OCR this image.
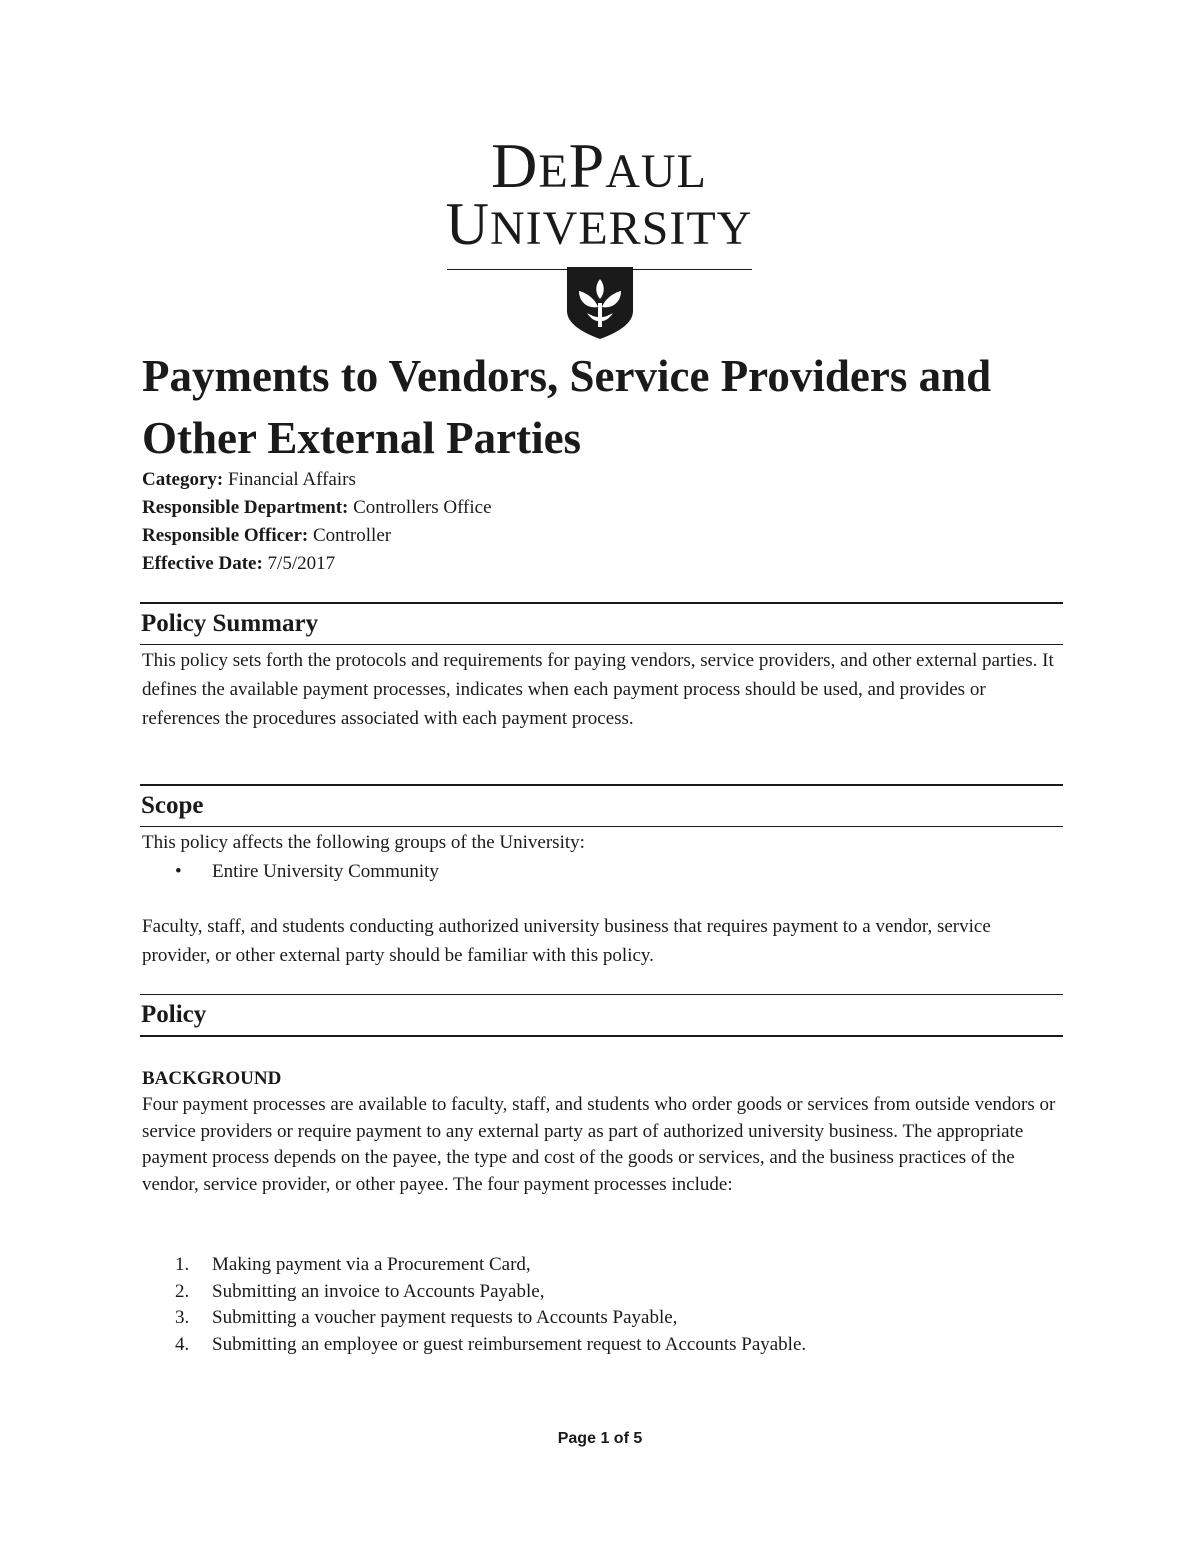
DEPAUL
UNIVERSITY
Payments to Vendors, Service Providers and Other External Parties
Category: Financial Affairs
Responsible Department: Controllers Office
Responsible Officer: Controller
Effective Date: 7/5/2017
Policy Summary

This policy sets forth the protocols and requirements for paying vendors, service providers, and other external parties. It defines the available payment processes, indicates when each payment process should be used, and provides or references the procedures associated with each payment process.

Scope

This policy affects the following groups of the University:

• Entire University Community

Faculty, staff, and students conducting authorized university business that requires payment to a vendor, service provider, or other external party should be familiar with this policy.

Policy
BACKGROUND

Four payment processes are available to faculty, staff, and students who order goods or services from outside vendors or service providers or require payment to any external party as part of authorized university business. The appropriate payment process depends on the payee, the type and cost of the goods or services, and the business practices of the vendor, service provider, or other payee. The four payment processes include:

1. Making payment via a Procurement Card,
2. Submitting an invoice to Accounts Payable,
3. Submitting a voucher payment requests to Accounts Payable,
4. Submitting an employee or guest reimbursement request to Accounts Payable.
Page 1 of 5
